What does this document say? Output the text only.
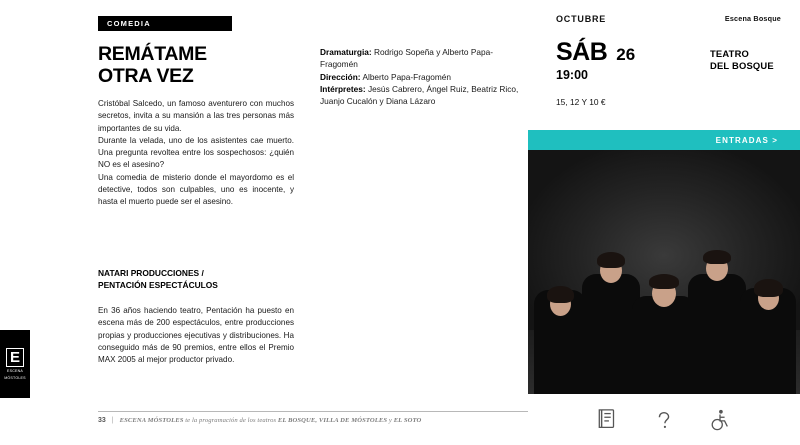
E
ESCENA
MÓSTOLES
COMEDIA
REMÁTAME
OTRA VEZ

Cristóbal Salcedo, un famoso aventurero con muchos secretos, invita a su mansión a las tres personas más importantes de su vida.

Durante la velada, uno de los asistentes cae muerto. Una pregunta revoltea entre los sospechosos: ¿quién NO es el asesino?

Una comedia de misterio donde el mayordomo es el detective, todos son culpables, uno es inocente, y hasta el muerto puede ser el asesino.

NATARI PRODUCCIONES /
PENTACIÓN ESPECTÁCULOS

En 36 años haciendo teatro, Pentación ha puesto en escena más de 200 espectáculos, entre producciones propias y producciones ejecutivas y distribuciones. Ha conseguido más de 90 premios, entre ellos el Premio MAX 2005 al mejor productor privado.

Dramaturgia: Rodrigo Sopeña y Alberto Papa-Fragomén
Dirección: Alberto Papa-Fragomén
Intérpretes: Jesús Cabrero, Ángel Ruiz, Beatriz Rico, Juanjo Cucalón y Diana Lázaro
33 | ESCENA MÓSTOLES te la programación de los teatros EL BOSQUE, VILLA DE MÓSTOLES y EL SOTO
OCTUBRE	Escena Bosque
SÁB 26
19:00
15, 12 Y 10 €
TEATRO
DEL BOSQUE
ENTRADAS >
